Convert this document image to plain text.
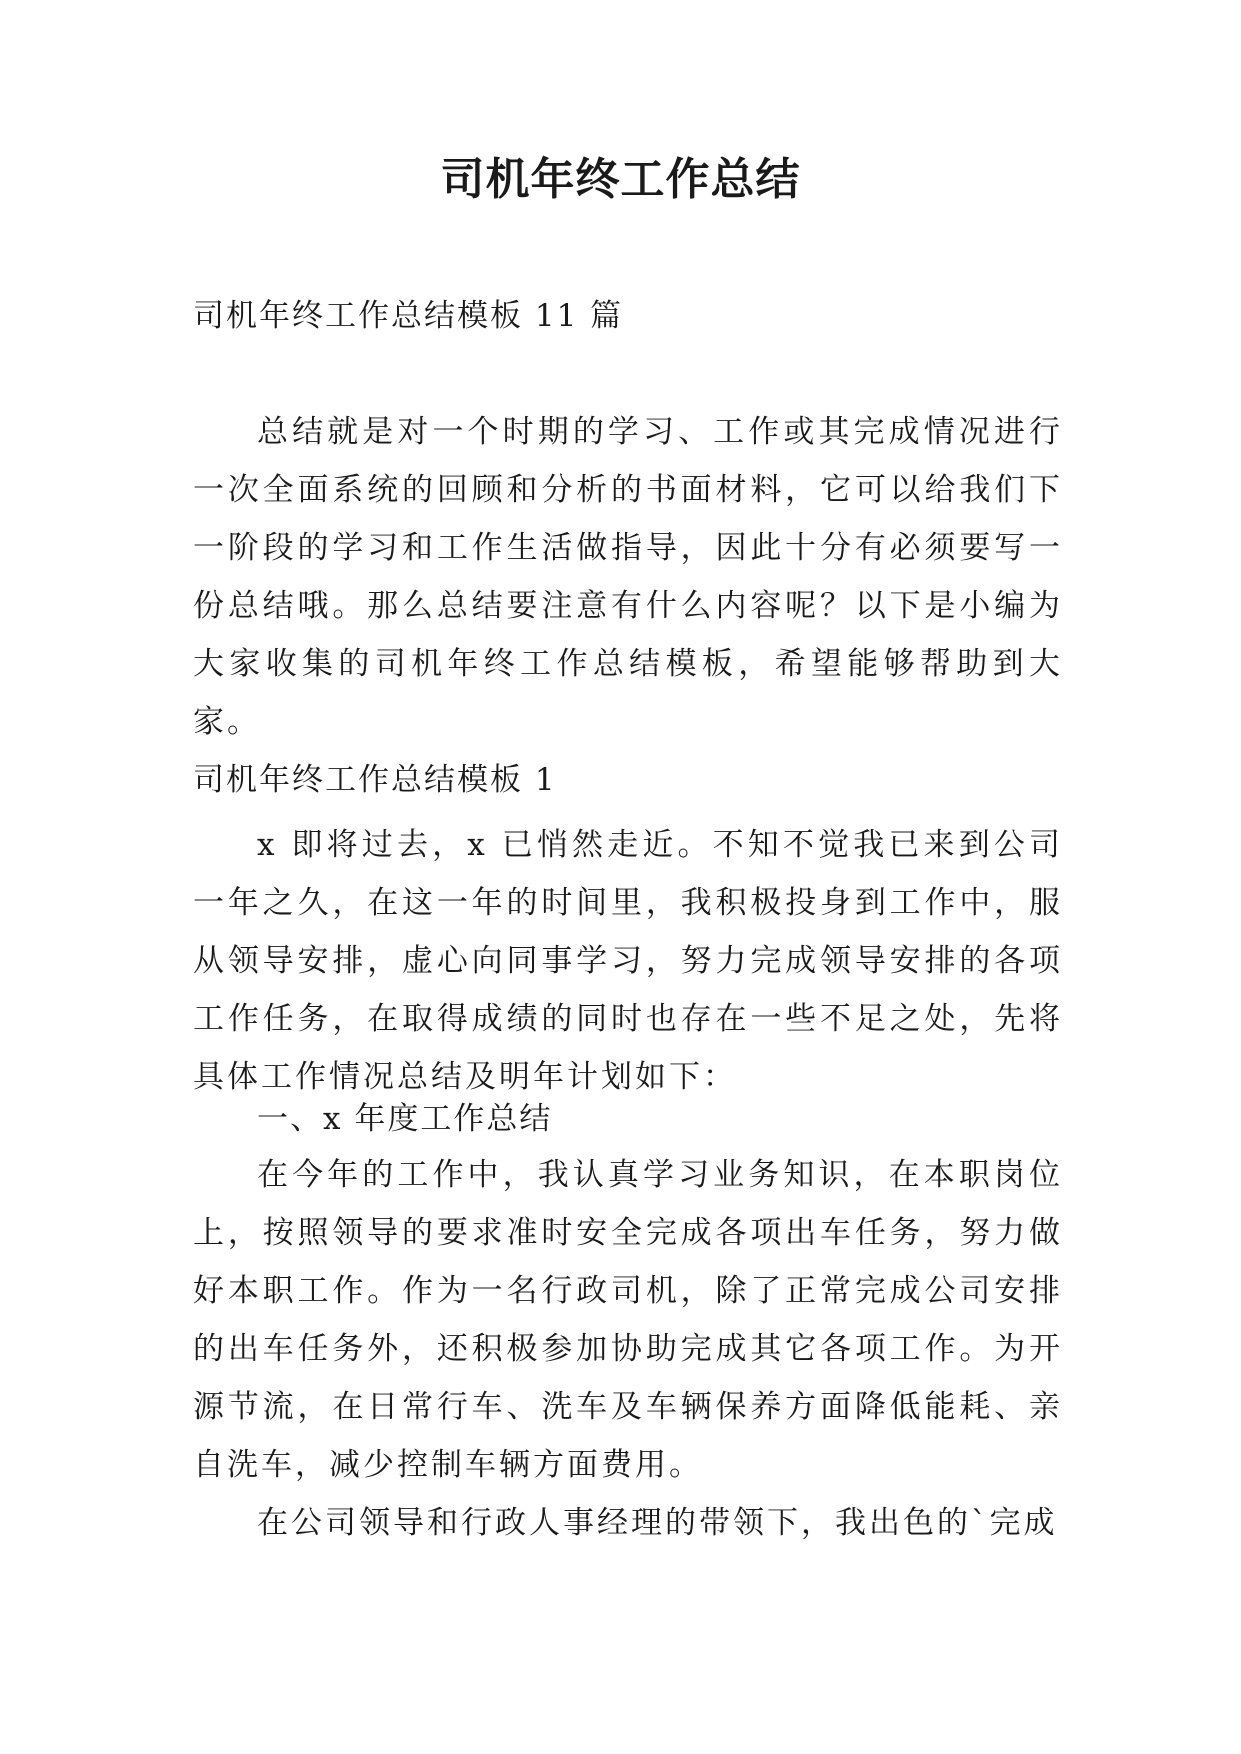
司机年终工作总结
司机年终工作总结模板 11 篇
总结就是对一个时期的学习、工作或其完成情况进行一次全面系统的回顾和分析的书面材料，它可以给我们下一阶段的学习和工作生活做指导，因此十分有必须要写一份总结哦。那么总结要注意有什么内容呢？以下是小编为大家收集的司机年终工作总结模板，希望能够帮助到大家。
司机年终工作总结模板 1
x 即将过去，x 已悄然走近。不知不觉我已来到公司一年之久，在这一年的时间里，我积极投身到工作中，服从领导安排，虚心向同事学习，努力完成领导安排的各项工作任务，在取得成绩的同时也存在一些不足之处，先将具体工作情况总结及明年计划如下：
一、x 年度工作总结
在今年的工作中，我认真学习业务知识，在本职岗位上，按照领导的要求准时安全完成各项出车任务，努力做好本职工作。作为一名行政司机，除了正常完成公司安排的出车任务外，还积极参加协助完成其它各项工作。为开源节流，在日常行车、洗车及车辆保养方面降低能耗、亲自洗车，减少控制车辆方面费用。
在公司领导和行政人事经理的带领下，我出色的`完成
